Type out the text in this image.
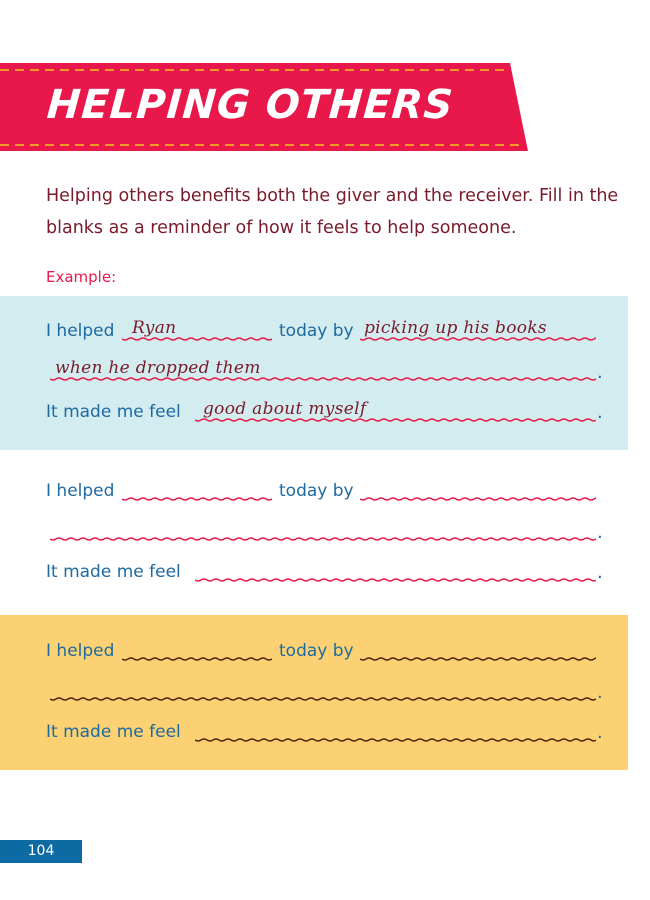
HELPING OTHERS

Helping others benefits both the giver and the receiver. Fill in the blanks as a reminder of how it feels to help someone.

Example:
I helped Ryan	today by picking up his books
when he dropped them	.
It made me feel good about myself	.
I helped	today by
.
It made me feel	.
I helped	today by
.
It made me feel	.
104
